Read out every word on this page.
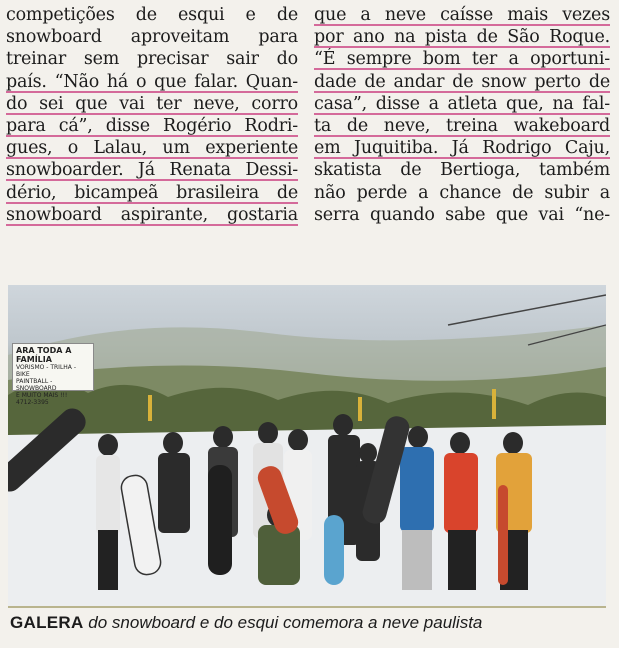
competições de esqui e de
snowboard aproveitam para
treinar sem precisar sair do
país. “Não há o que falar. Quan-
do sei que vai ter neve, corro
para cá”, disse Rogério Rodri-
gues, o Lalau, um experiente
snowboarder. Já Renata Dessi-
dério, bicampeã brasileira de
snowboard aspirante, gostaria
que a neve caísse mais vezes
por ano na pista de São Roque.
“É sempre bom ter a oportuni-
dade de andar de snow perto de
casa”, disse a atleta que, na fal-
ta de neve, treina wakeboard
em Juquitiba. Já Rodrigo Caju,
skatista de Bertioga, também
não perde a chance de subir a
serra quando sabe que vai “ne-
ARA TODA A FAMÍLIA
VORISMO - TRILHA - BIKE
PAINTBALL - SNOWBOARD
E MUITO MAIS !!!
4712-3395
GALERA do snowboard e do esqui comemora a neve paulista
